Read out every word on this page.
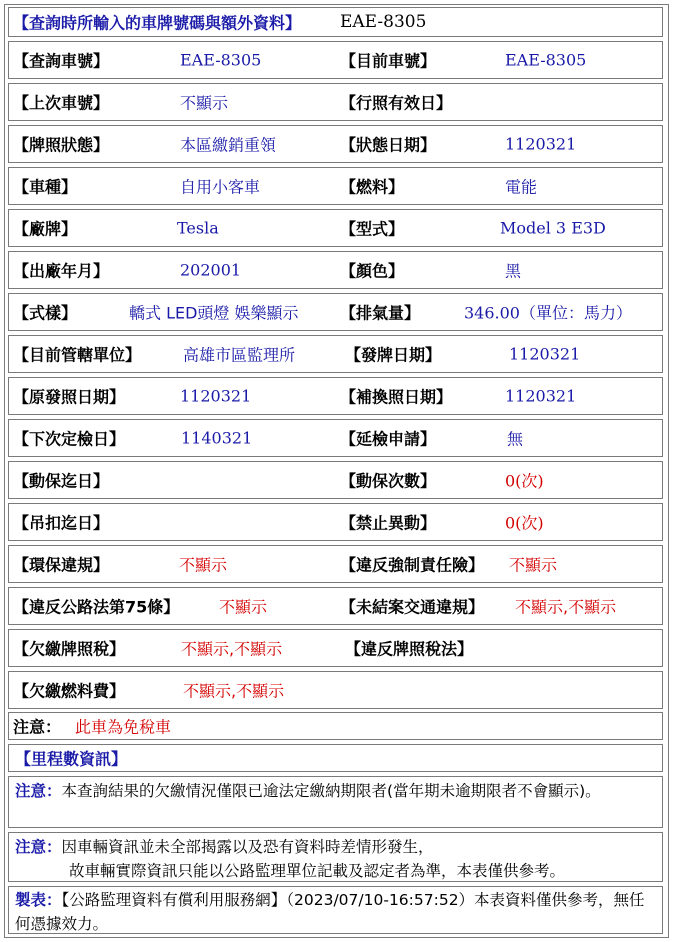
【查詢時所輸入的車牌號碼與額外資料】 EAE-8305
【查詢車號】	EAE-8305	【目前車號】	EAE-8305
【上次車號】	不顯示	【行照有效日】
【牌照狀態】	本區繳銷重領	【狀態日期】	1120321
【車種】	自用小客車	【燃料】	電能
【廠牌】	Tesla	【型式】	Model 3 E3D
【出廠年月】	202001	【顏色】	黑
【式樣】	轎式 LED頭燈 娛樂顯示	【排氣量】	346.00（單位：馬力）
【目前管轄單位】	高雄市區監理所	【發牌日期】	1120321
【原發照日期】	1120321	【補換照日期】	1120321
【下次定檢日】	1140321	【延檢申請】	無
【動保迄日】	【動保次數】	0(次)
【吊扣迄日】	【禁止異動】	0(次)
【環保違規】	不顯示	【違反強制責任險】 不顯示
【違反公路法第75條】 不顯示	【未結案交通違規】 不顯示,不顯示
【欠繳牌照稅】	不顯示,不顯示	【違反牌照稅法】
【欠繳燃料費】	不顯示,不顯示
注意： 此車為免稅車
【里程數資訊】
注意：本查詢結果的欠繳情況僅限已逾法定繳納期限者(當年期未逾期限者不會顯示)。
注意：因車輛資訊並未全部揭露以及恐有資料時差情形發生，
故車輛實際資訊只能以公路監理單位記載及認定者為準，本表僅供參考。
製表：【公路監理資料有償利用服務網】（2023/07/10-16:57:52）本表資料僅供參考，無任何憑據效力。
